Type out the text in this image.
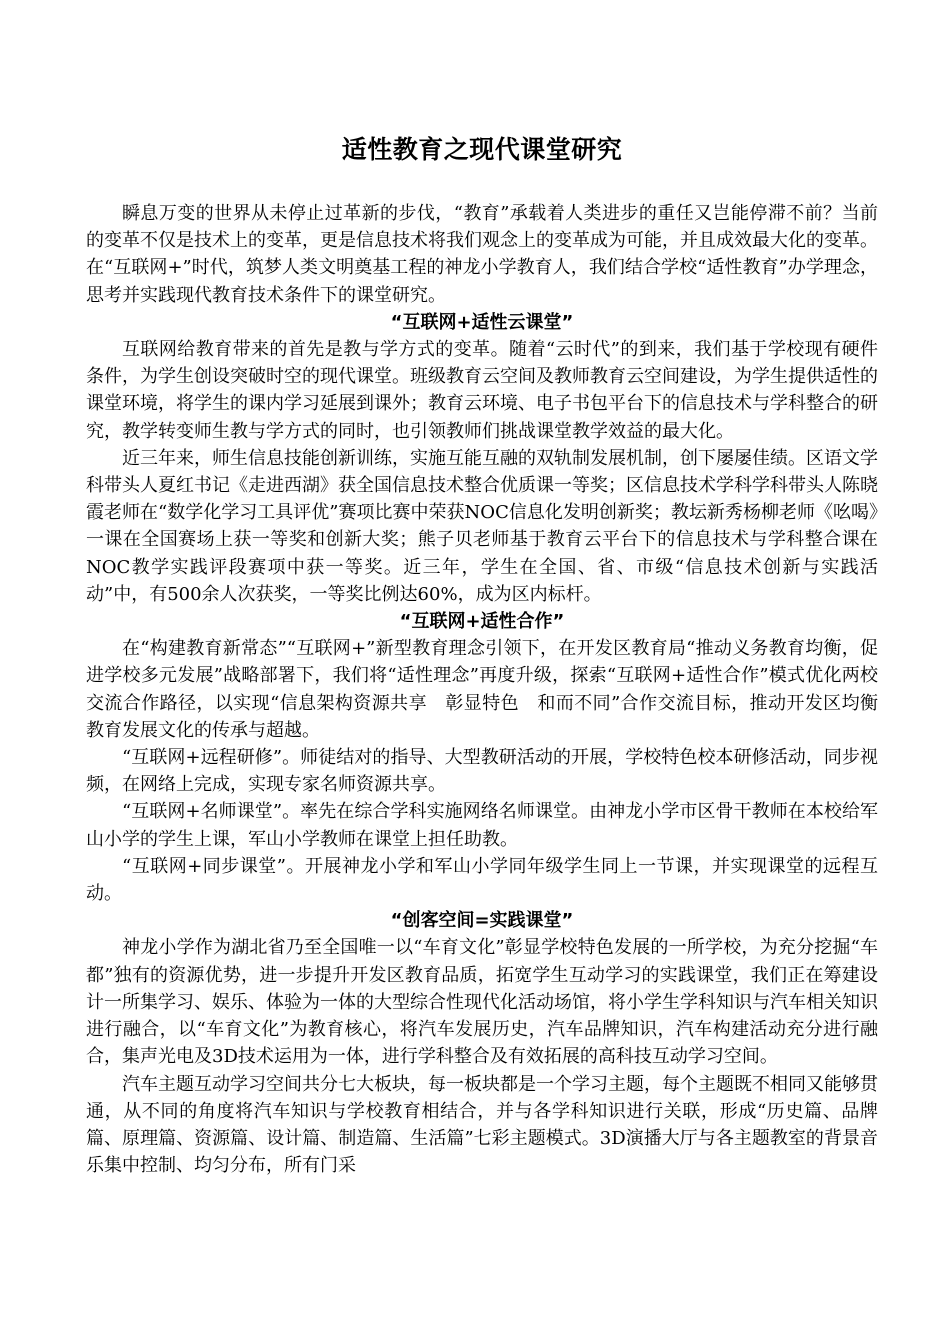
适性教育之现代课堂研究

瞬息万变的世界从未停止过革新的步伐，“教育”承载着人类进步的重任又岂能停滞不前？当前的变革不仅是技术上的变革，更是信息技术将我们观念上的变革成为可能，并且成效最大化的变革。在“互联网+”时代，筑梦人类文明奠基工程的神龙小学教育人，我们结合学校“适性教育”办学理念，思考并实践现代教育技术条件下的课堂研究。

“互联网+适性云课堂”

互联网给教育带来的首先是教与学方式的变革。随着“云时代”的到来，我们基于学校现有硬件条件，为学生创设突破时空的现代课堂。班级教育云空间及教师教育云空间建设，为学生提供适性的课堂环境，将学生的课内学习延展到课外；教育云环境、电子书包平台下的信息技术与学科整合的研究，教学转变师生教与学方式的同时，也引领教师们挑战课堂教学效益的最大化。

近三年来，师生信息技能创新训练，实施互能互融的双轨制发展机制，创下屡屡佳绩。区语文学科带头人夏红书记《走进西湖》获全国信息技术整合优质课一等奖；区信息技术学科学科带头人陈晓霞老师在“数学化学习工具评优”赛项比赛中荣获NOC信息化发明创新奖；教坛新秀杨柳老师《吆喝》一课在全国赛场上获一等奖和创新大奖；熊子贝老师基于教育云平台下的信息技术与学科整合课在NOC教学实践评段赛项中获一等奖。近三年，学生在全国、省、市级“信息技术创新与实践活动”中，有500余人次获奖，一等奖比例达60%，成为区内标杆。

“互联网+适性合作”

在“构建教育新常态”“互联网+”新型教育理念引领下，在开发区教育局“推动义务教育均衡，促进学校多元发展”战略部署下，我们将“适性理念”再度升级，探索“互联网+适性合作”模式优化两校交流合作路径，以实现“信息架构资源共享　彰显特色　和而不同”合作交流目标，推动开发区均衡教育发展文化的传承与超越。

“互联网+远程研修”。师徒结对的指导、大型教研活动的开展，学校特色校本研修活动，同步视频，在网络上完成，实现专家名师资源共享。

“互联网+名师课堂”。率先在综合学科实施网络名师课堂。由神龙小学市区骨干教师在本校给军山小学的学生上课，军山小学教师在课堂上担任助教。

“互联网+同步课堂”。开展神龙小学和军山小学同年级学生同上一节课，并实现课堂的远程互动。

“创客空间=实践课堂”

神龙小学作为湖北省乃至全国唯一以“车育文化”彰显学校特色发展的一所学校，为充分挖掘“车都”独有的资源优势，进一步提升开发区教育品质，拓宽学生互动学习的实践课堂，我们正在筹建设计一所集学习、娱乐、体验为一体的大型综合性现代化活动场馆，将小学生学科知识与汽车相关知识进行融合，以“车育文化”为教育核心，将汽车发展历史，汽车品牌知识，汽车构建活动充分进行融合，集声光电及3D技术运用为一体，进行学科整合及有效拓展的高科技互动学习空间。

汽车主题互动学习空间共分七大板块，每一板块都是一个学习主题，每个主题既不相同又能够贯通，从不同的角度将汽车知识与学校教育相结合，并与各学科知识进行关联，形成“历史篇、品牌篇、原理篇、资源篇、设计篇、制造篇、生活篇”七彩主题模式。3D演播大厅与各主题教室的背景音乐集中控制、均匀分布，所有门采
